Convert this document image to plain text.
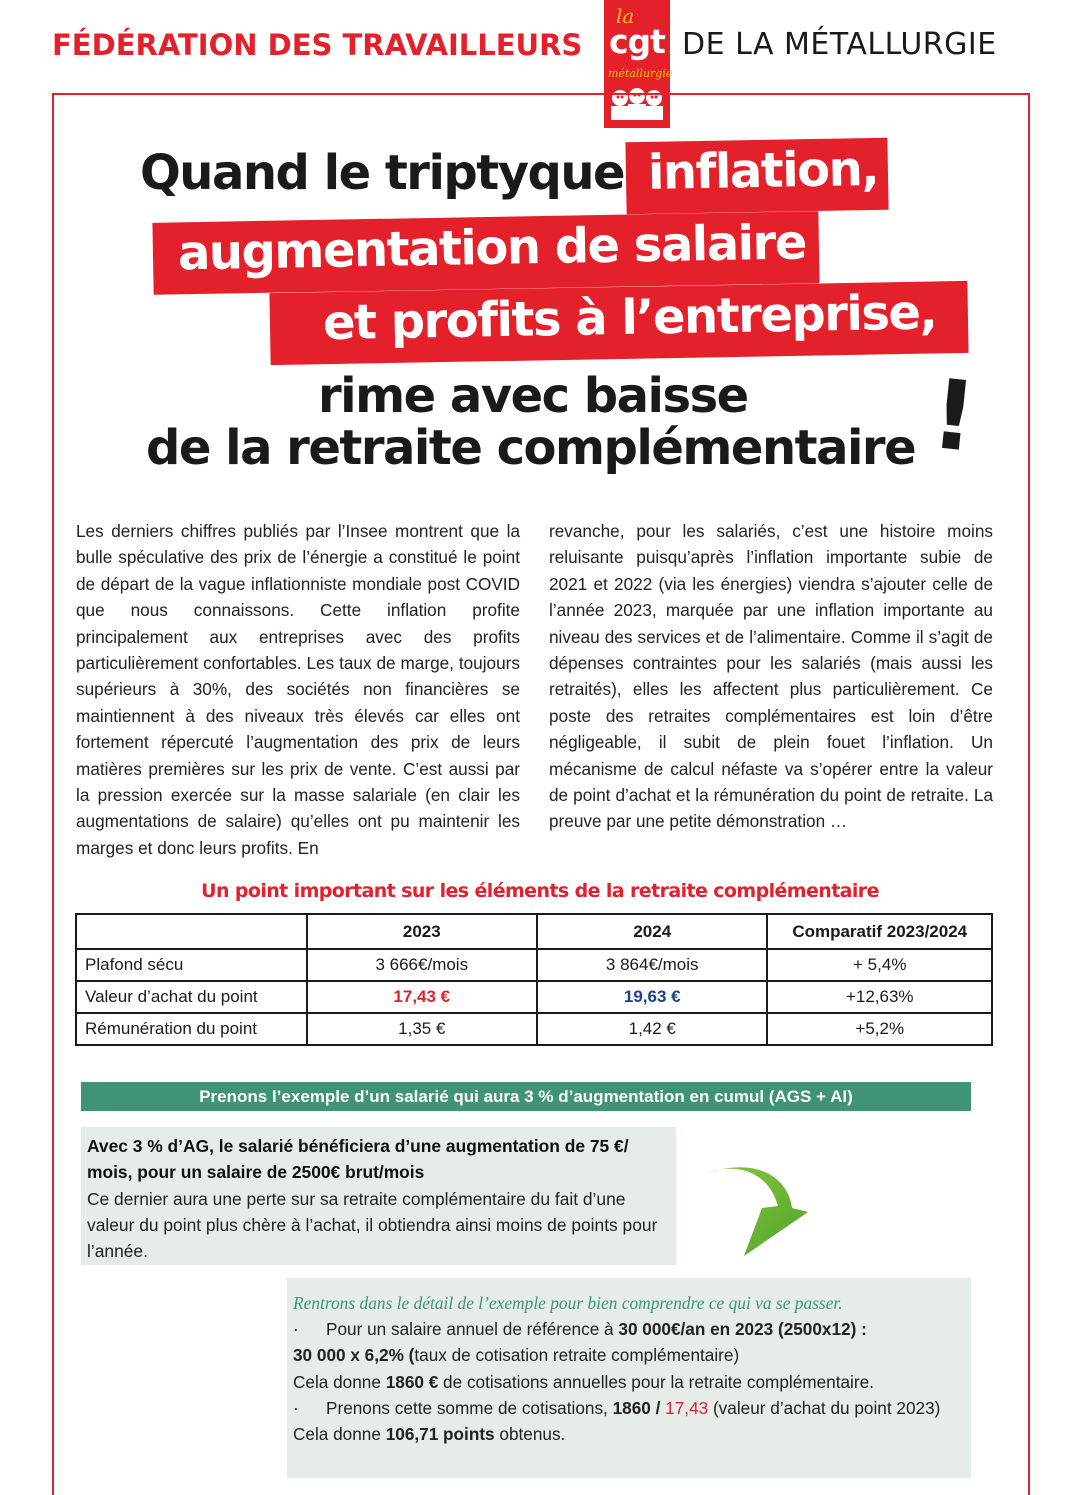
FÉDÉRATION DES TRAVAILLEURS
la
cgt
métallurgie
DE LA MÉTALLURGIE
Quand le triptyque inflation,
augmentation de salaire
et profits à l’entreprise,
rime avec baisse
de la retraite complémentaire !

Les derniers chiffres publiés par l’Insee montrent que la bulle spéculative des prix de l’énergie a constitué le point de départ de la vague inflationniste mondiale post COVID que nous connaissons. Cette inflation profite principalement aux entreprises avec des profits particulièrement confortables. Les taux de marge, toujours supérieurs à 30%, des sociétés non financières se maintiennent à des niveaux très élevés car elles ont fortement répercuté l’augmentation des prix de leurs matières premières sur les prix de vente. C’est aussi par la pression exercée sur la masse salariale (en clair les augmentations de salaire) qu’elles ont pu maintenir les marges et donc leurs profits. En

revanche, pour les salariés, c’est une histoire moins reluisante puisqu’après l’inflation importante subie de 2021 et 2022 (via les énergies) viendra s’ajouter celle de l’année 2023, marquée par une inflation importante au niveau des services et de l’alimentaire. Comme il s’agit de dépenses contraintes pour les salariés (mais aussi les retraités), elles les affectent plus particulièrement. Ce poste des retraites complémentaires est loin d’être négligeable, il subit de plein fouet l’inflation. Un mécanisme de calcul néfaste va s’opérer entre la valeur de point d’achat et la rémunération du point de retraite. La preuve par une petite démonstration …

Un point important sur les éléments de la retraite complémentaire
	2023	2024	Comparatif 2023/2024
Plafond sécu	3 666€/mois	3 864€/mois	+ 5,4%
Valeur d’achat du point	17,43 €	19,63 €	+12,63%
Rémunération du point	1,35 €	1,42 €	+5,2%
Prenons l’exemple d’un salarié qui aura 3 % d’augmentation en cumul (AGS + AI)
Avec 3 % d’AG, le salarié bénéficiera d’une augmentation de 75 €/ mois, pour un salaire de 2500€ brut/mois
Ce dernier aura une perte sur sa retraite complémentaire du fait d’une valeur du point plus chère à l’achat, il obtiendra ainsi moins de points pour l’année.
Rentrons dans le détail de l’exemple pour bien comprendre ce qui va se passer.
·	Pour un salaire annuel de référence à 30 000€/an en 2023 (2500x12) :
30 000 x 6,2% (taux de cotisation retraite complémentaire)
Cela donne 1860 € de cotisations annuelles pour la retraite complémentaire.
·	Prenons cette somme de cotisations, 1860 / 17,43 (valeur d’achat du point 2023)
Cela donne 106,71 points obtenus.
